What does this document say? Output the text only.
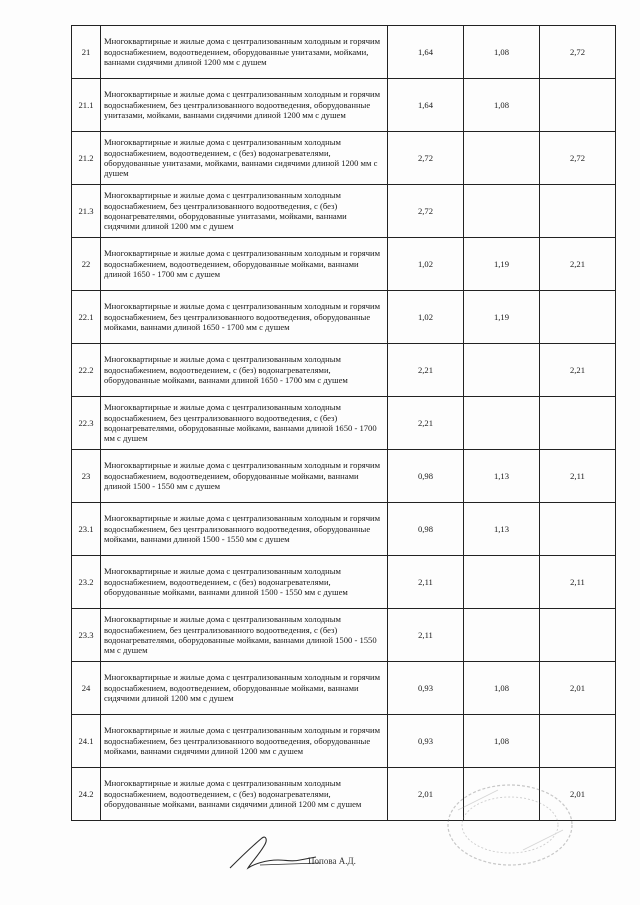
21	Многоквартирные и жилые дома с централизованным холодным и горячим водоснабжением, водоотведением, оборудованные унитазами, мойками, ваннами сидячими длиной 1200 мм с душем	1,64	1,08	2,72
21.1	Многоквартирные и жилые дома с централизованным холодным и горячим водоснабжением, без централизованного водоотведения, оборудованные унитазами, мойками, ваннами сидячими длиной 1200 мм с душем	1,64	1,08	
21.2	Многоквартирные и жилые дома с централизованным холодным водоснабжением, водоотведением, с (без) водонагревателями, оборудованные унитазами, мойками, ваннами сидячими длиной 1200 мм с душем	2,72		2,72
21.3	Многоквартирные и жилые дома с централизованным холодным водоснабжением, без централизованного водоотведения, с (без) водонагревателями, оборудованные унитазами, мойками, ваннами сидячими длиной 1200 мм с душем	2,72		
22	Многоквартирные и жилые дома с централизованным холодным и горячим водоснабжением, водоотведением, оборудованные мойками, ваннами длиной 1650 - 1700 мм с душем	1,02	1,19	2,21
22.1	Многоквартирные и жилые дома с централизованным холодным и горячим водоснабжением, без централизованного водоотведения, оборудованные мойками, ваннами длиной 1650 - 1700 мм с душем	1,02	1,19	
22.2	Многоквартирные и жилые дома с централизованным холодным водоснабжением, водоотведением, с (без) водонагревателями, оборудованные мойками, ваннами длиной 1650 - 1700 мм с душем	2,21		2,21
22.3	Многоквартирные и жилые дома с централизованным холодным водоснабжением, без централизованного водоотведения, с (без) водонагревателями, оборудованные мойками, ваннами длиной 1650 - 1700 мм с душем	2,21		
23	Многоквартирные и жилые дома с централизованным холодным и горячим водоснабжением, водоотведением, оборудованные мойками, ваннами длиной 1500 - 1550 мм с душем	0,98	1,13	2,11
23.1	Многоквартирные и жилые дома с централизованным холодным и горячим водоснабжением, без централизованного водоотведения, оборудованные мойками, ваннами длиной 1500 - 1550 мм с душем	0,98	1,13	
23.2	Многоквартирные и жилые дома с централизованным холодным водоснабжением, водоотведением, с (без) водонагревателями, оборудованные мойками, ваннами длиной 1500 - 1550 мм с душем	2,11		2,11
23.3	Многоквартирные и жилые дома с централизованным холодным водоснабжением, без централизованного водоотведения, с (без) водонагревателями, оборудованные мойками, ваннами длиной 1500 - 1550 мм с душем	2,11		
24	Многоквартирные и жилые дома с централизованным холодным и горячим водоснабжением, водоотведением, оборудованные мойками, ваннами сидячими длиной 1200 мм с душем	0,93	1,08	2,01
24.1	Многоквартирные и жилые дома с централизованным холодным и горячим водоснабжением, без централизованного водоотведения, оборудованные мойками, ваннами сидячими длиной 1200 мм с душем	0,93	1,08	
24.2	Многоквартирные и жилые дома с централизованным холодным водоснабжением, водоотведением, с (без) водонагревателями, оборудованные мойками, ваннами сидячими длиной 1200 мм с душем	2,01		2,01
Попова А.Д.
